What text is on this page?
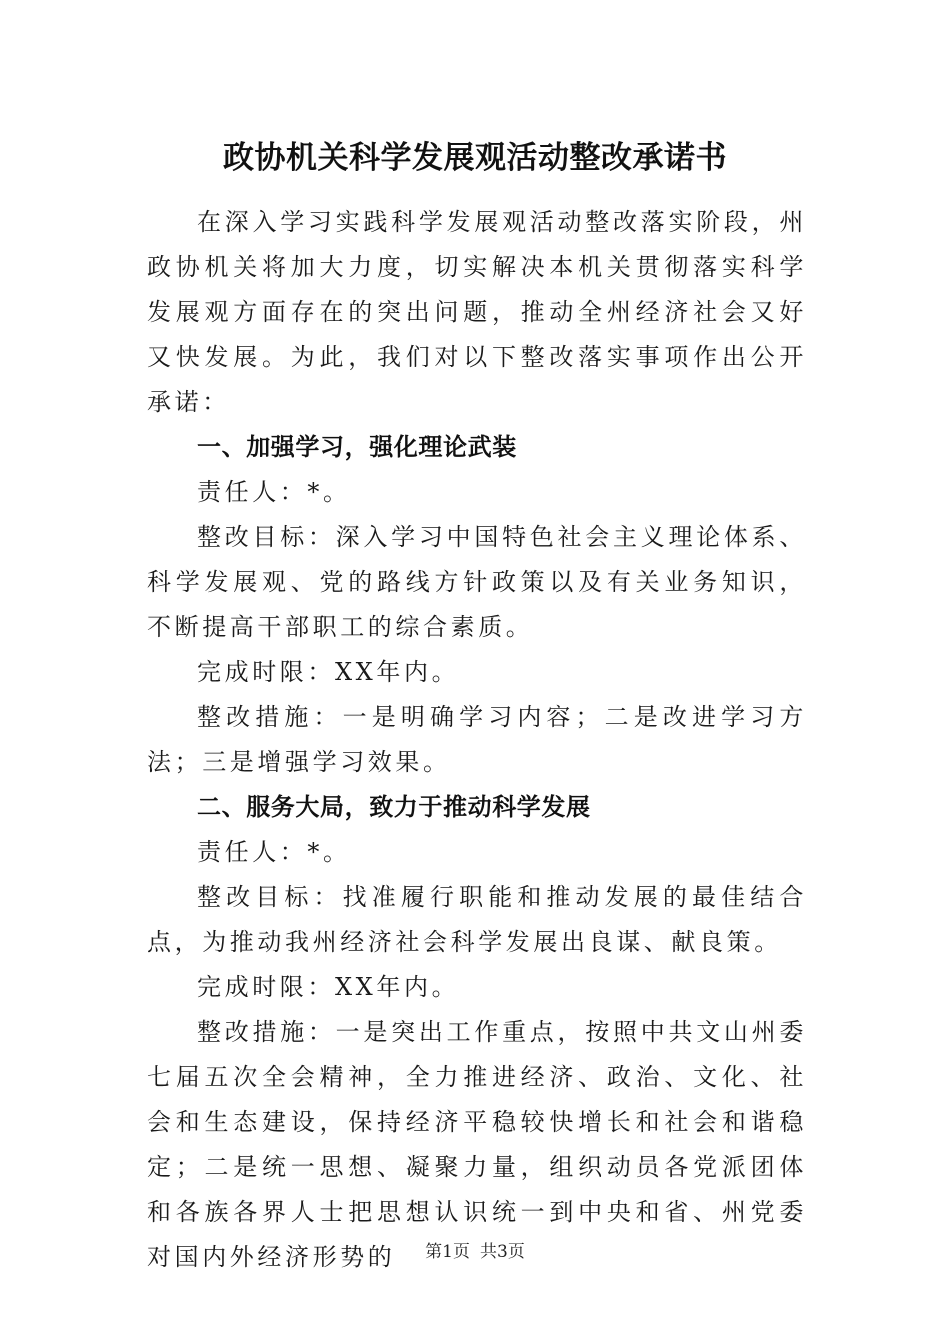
政协机关科学发展观活动整改承诺书

在深入学习实践科学发展观活动整改落实阶段，州政协机关将加大力度，切实解决本机关贯彻落实科学发展观方面存在的突出问题，推动全州经济社会又好又快发展。为此，我们对以下整改落实事项作出公开承诺：

一、加强学习，强化理论武装

责任人：*。

整改目标：深入学习中国特色社会主义理论体系、科学发展观、党的路线方针政策以及有关业务知识，不断提高干部职工的综合素质。

完成时限：XX年内。

整改措施：一是明确学习内容；二是改进学习方法；三是增强学习效果。

二、服务大局，致力于推动科学发展

责任人：*。

整改目标：找准履行职能和推动发展的最佳结合点，为推动我州经济社会科学发展出良谋、献良策。

完成时限：XX年内。

整改措施：一是突出工作重点，按照中共文山州委七届五次全会精神，全力推进经济、政治、文化、社会和生态建设，保持经济平稳较快增长和社会和谐稳定；二是统一思想、凝聚力量，组织动员各党派团体和各族各界人士把思想认识统一到中央和省、州党委对国内外经济形势的	第1页 共3页
